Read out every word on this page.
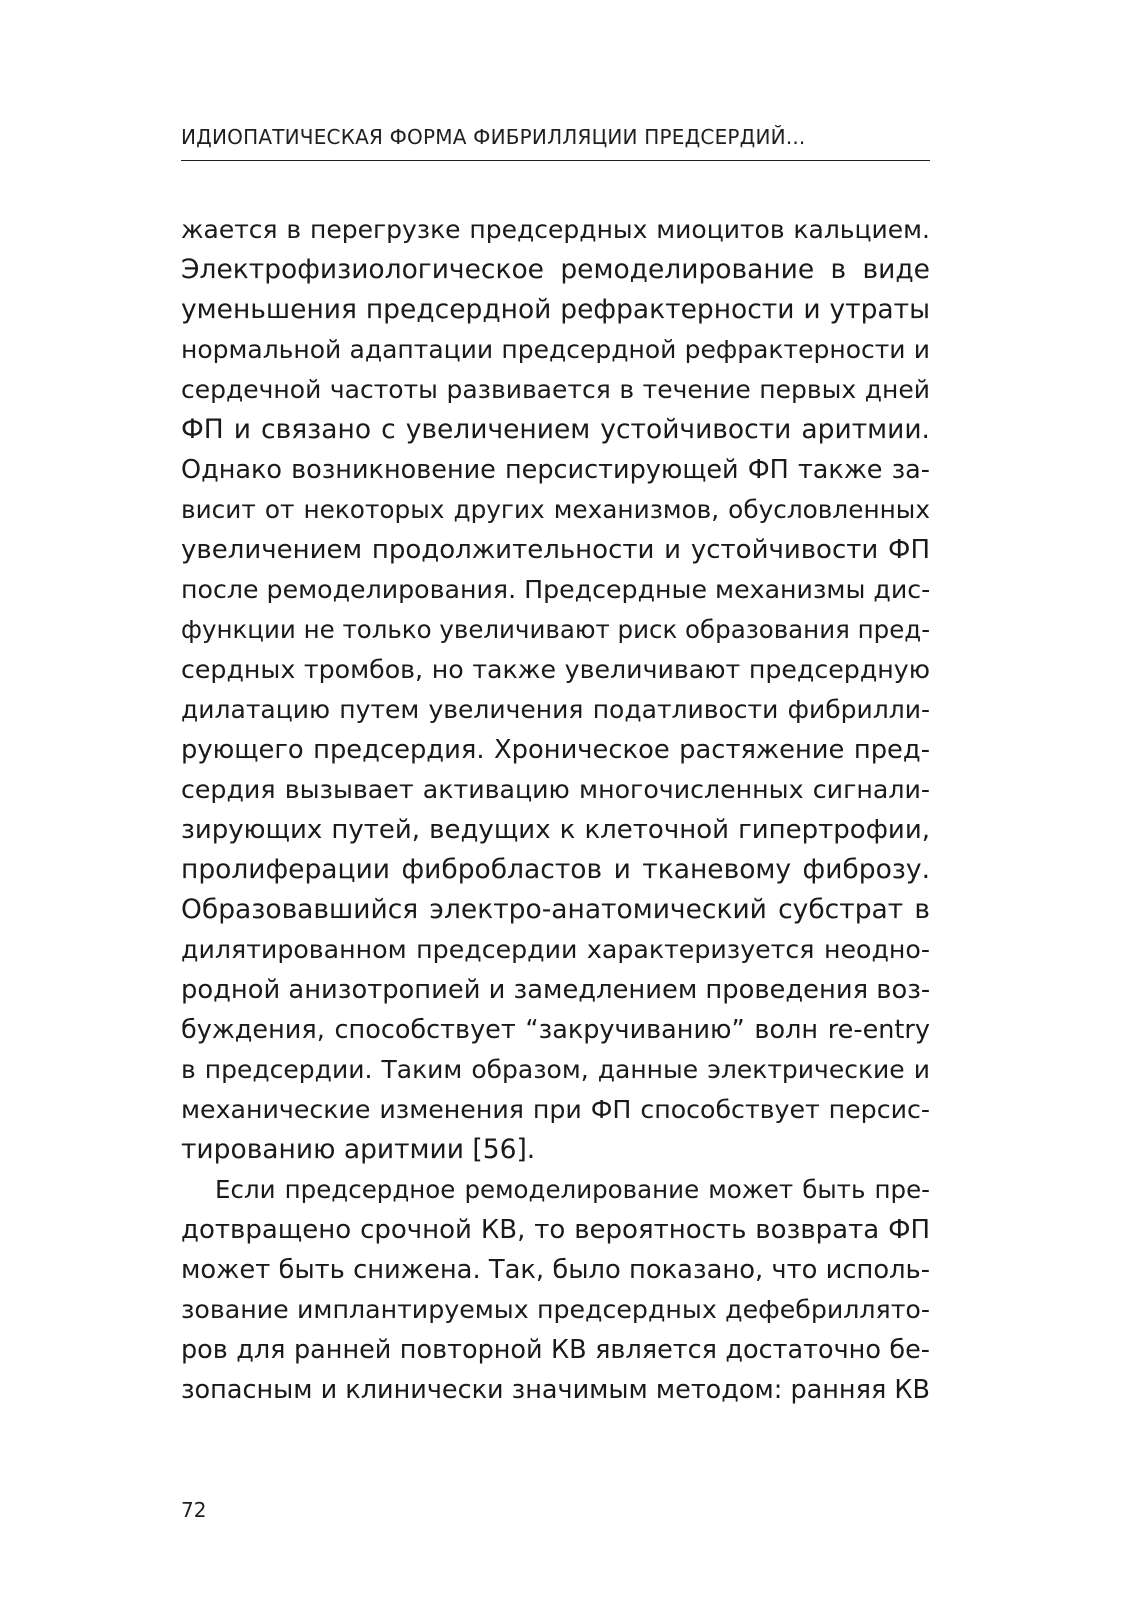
ИДИОПАТИЧЕСКАЯ ФОРМА ФИБРИЛЛЯЦИИ ПРЕДСЕРДИЙ...
жается в перегрузке предсердных миоцитов кальцием.
Электрофизиологическое ремоделирование в виде
уменьшения предсердной рефрактерности и утраты
нормальной адаптации предсердной рефрактерности и
сердечной частоты развивается в течение первых дней
ФП и связано с увеличением устойчивости аритмии.
Однако возникновение персистирующей ФП также за-
висит от некоторых других механизмов, обусловленных
увеличением продолжительности и устойчивости ФП
после ремоделирования. Предсердные механизмы дис-
функции не только увеличивают риск образования пред-
сердных тромбов, но также увеличивают предсердную
дилатацию путем увеличения податливости фибрилли-
рующего предсердия. Хроническое растяжение пред-
сердия вызывает активацию многочисленных сигнали-
зирующих путей, ведущих к клеточной гипертрофии,
пролиферации фибробластов и тканевому фиброзу.
Образовавшийся электро-анатомический субстрат в
дилятированном предсердии характеризуется неодно-
родной анизотропией и замедлением проведения воз-
буждения, способствует “закручиванию” волн re-entry
в предсердии. Таким образом, данные электрические и
механические изменения при ФП способствует персис-
тированию аритмии [56].
Если предсердное ремоделирование может быть пре-
дотвращено срочной КВ, то вероятность возврата ФП
может быть снижена. Так, было показано, что исполь-
зование имплантируемых предсердных дефебриллято-
ров для ранней повторной КВ является достаточно бе-
зопасным и клинически значимым методом: ранняя КВ
72
